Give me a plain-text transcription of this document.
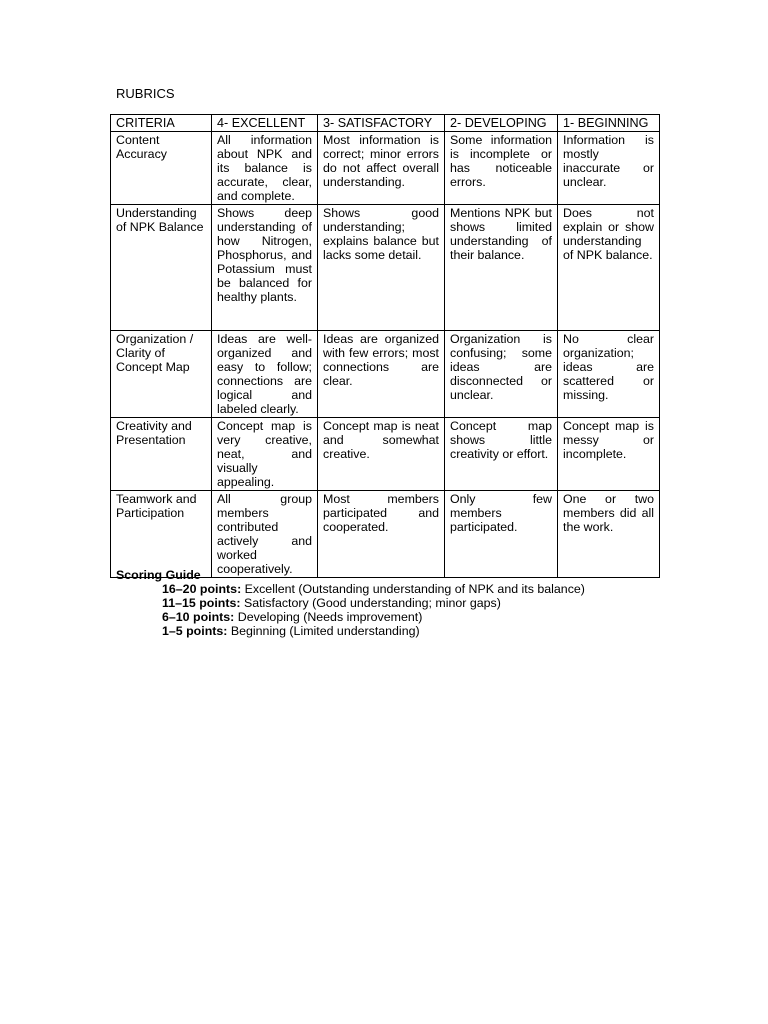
RUBRICS
CRITERIA	4- EXCELLENT	3- SATISFACTORY	2- DEVELOPING	1- BEGINNING
Content Accuracy	All information about NPK and its balance is accurate, clear, and complete.	Most information is correct; minor errors do not affect overall understanding.	Some information is incomplete or has noticeable errors.	Information is mostly inaccurate or unclear.
Understanding of NPK Balance	Shows deep understanding of how Nitrogen, Phosphorus, and Potassium must be balanced for healthy plants.	Shows good understanding; explains balance but lacks some detail.	Mentions NPK but shows limited understanding of their balance.	Does not explain or show understanding of NPK balance.
Organization / Clarity of Concept Map	Ideas are well-organized and easy to follow; connections are logical and labeled clearly.	Ideas are organized with few errors; most connections are clear.	Organization is confusing; some ideas are disconnected or unclear.	No clear organization; ideas are scattered or missing.
Creativity and Presentation	Concept map is very creative, neat, and visually appealing.	Concept map is neat and somewhat creative.	Concept map shows little creativity or effort.	Concept map is messy or incomplete.
Teamwork and Participation	All group members contributed actively and worked cooperatively.	Most members participated and cooperated.	Only few members participated.	One or two members did all the work.
Scoring Guide
16–20 points: Excellent (Outstanding understanding of NPK and its balance)
11–15 points: Satisfactory (Good understanding; minor gaps)
6–10 points: Developing (Needs improvement)
1–5 points: Beginning (Limited understanding)
